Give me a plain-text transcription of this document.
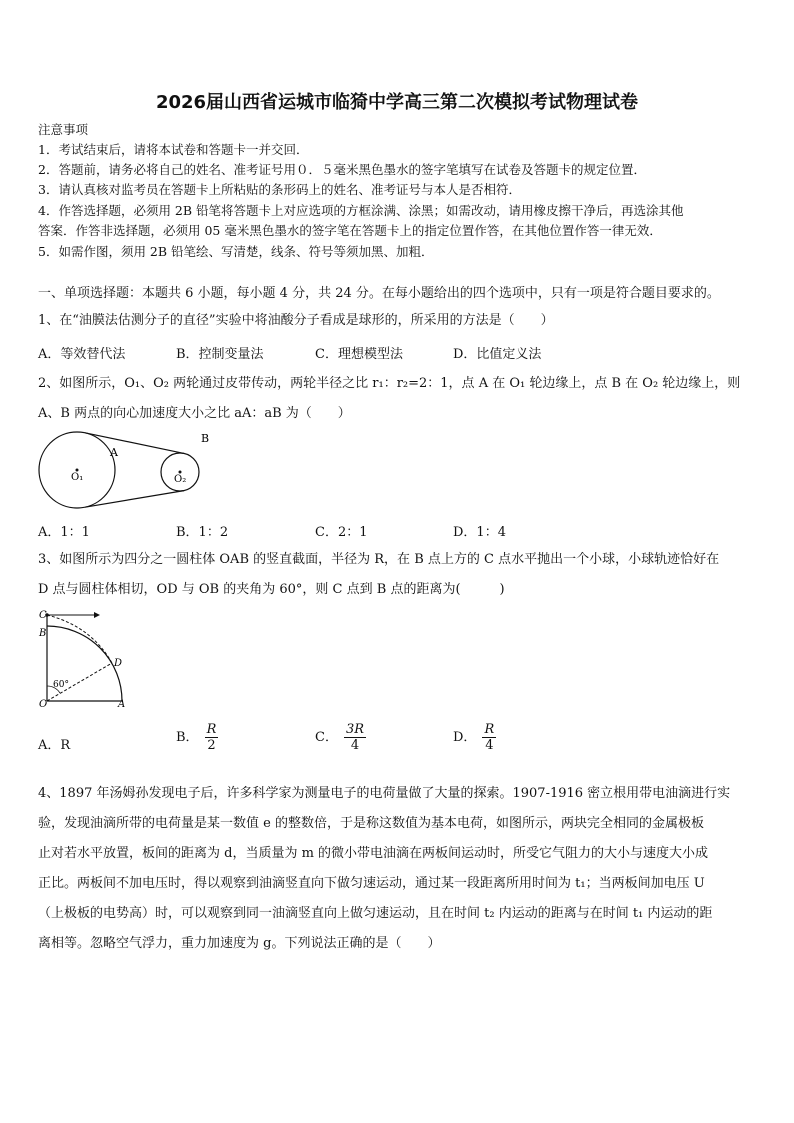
2026届山西省运城市临猗中学高三第二次模拟考试物理试卷
注意事项
1．考试结束后，请将本试卷和答题卡一并交回．
2．答题前，请务必将自己的姓名、准考证号用０．５毫米黑色墨水的签字笔填写在试卷及答题卡的规定位置．
3．请认真核对监考员在答题卡上所粘贴的条形码上的姓名、准考证号与本人是否相符．
4．作答选择题，必须用 2B 铅笔将答题卡上对应选项的方框涂满、涂黑；如需改动，请用橡皮擦干净后，再选涂其他
答案．作答非选择题，必须用 05 毫米黑色墨水的签字笔在答题卡上的指定位置作答，在其他位置作答一律无效．
5．如需作图，须用 2B 铅笔绘、写清楚，线条、符号等须加黑、加粗．
一、单项选择题：本题共 6 小题，每小题 4 分，共 24 分。在每小题给出的四个选项中，只有一项是符合题目要求的。
1、在“油膜法估测分子的直径”实验中将油酸分子看成是球形的，所采用的方法是（　　）
A．等效替代法	B．控制变量法	C．理想模型法	D．比值定义法
2、如图所示，O₁、O₂ 两轮通过皮带传动，两轮半径之比 r₁：r₂=2：1，点 A 在 O₁ 轮边缘上，点 B 在 O₂ 轮边缘上，则
A、B 两点的向心加速度大小之比 aA：aB 为（　　）
A
B
O₁	O₂
A．1：1	B．1：2	C．2：1	D．1：4
3、如图所示为四分之一圆柱体 OAB 的竖直截面，半径为 R，在 B 点上方的 C 点水平抛出一个小球，小球轨迹恰好在
D 点与圆柱体相切，OD 与 OB 的夹角为 60°，则 C 点到 B 点的距离为(　　　)
C
B
D
O	A
60°
A．R
B． $\frac{R}{2}$	C． $\frac{3R}{4}$	D． $\frac{R}{4}$
4、1897 年汤姆孙发现电子后，许多科学家为测量电子的电荷量做了大量的探索。1907-1916 密立根用带电油滴进行实
验，发现油滴所带的电荷量是某一数值 e 的整数倍，于是称这数值为基本电荷，如图所示，两块完全相同的金属极板
止对若水平放置，板间的距离为 d，当质量为 m 的微小带电油滴在两板间运动时，所受它气阻力的大小与速度大小成
正比。两板间不加电压时，得以观察到油滴竖直向下做匀速运动，通过某一段距离所用时间为 t₁；当两板间加电压 U
（上极板的电势高）时，可以观察到同一油滴竖直向上做匀速运动，且在时间 t₂ 内运动的距离与在时间 t₁ 内运动的距
离相等。忽略空气浮力，重力加速度为 g。下列说法正确的是（　　）
